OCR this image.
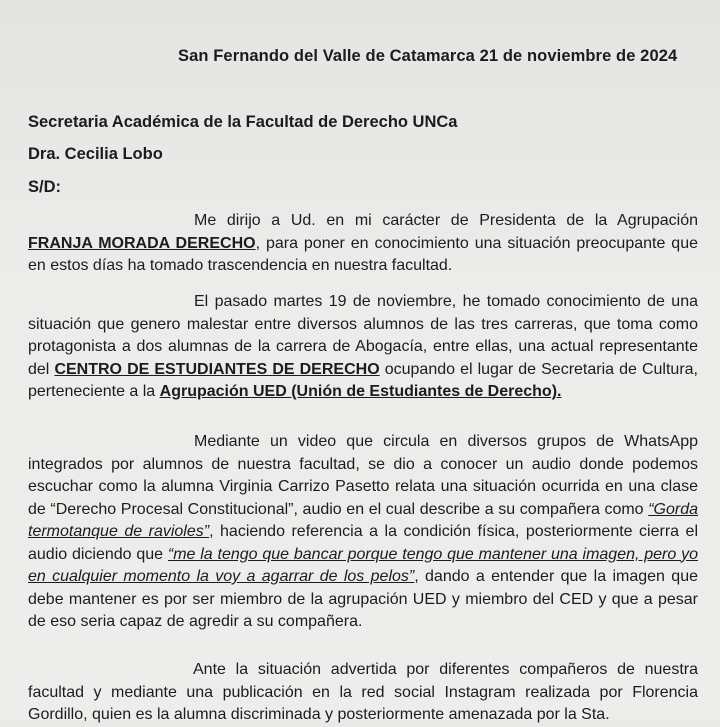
San Fernando del Valle de Catamarca 21 de noviembre de 2024
Secretaria Académica de la Facultad de Derecho UNCa
Dra. Cecilia Lobo
S/D:
Me dirijo a Ud. en mi carácter de Presidenta de la Agrupación FRANJA MORADA DERECHO, para poner en conocimiento una situación preocupante que en estos días ha tomado trascendencia en nuestra facultad.
El pasado martes 19 de noviembre, he tomado conocimiento de una situación que genero malestar entre diversos alumnos de las tres carreras, que toma como protagonista a dos alumnas de la carrera de Abogacía, entre ellas, una actual representante del CENTRO DE ESTUDIANTES DE DERECHO ocupando el lugar de Secretaria de Cultura, perteneciente a la Agrupación UED (Unión de Estudiantes de Derecho).
Mediante un video que circula en diversos grupos de WhatsApp integrados por alumnos de nuestra facultad, se dio a conocer un audio donde podemos escuchar como la alumna Virginia Carrizo Pasetto relata una situación ocurrida en una clase de “Derecho Procesal Constitucional”, audio en el cual describe a su compañera como “Gorda termotanque de ravioles”, haciendo referencia a la condición física, posteriormente cierra el audio diciendo que “me la tengo que bancar porque tengo que mantener una imagen, pero yo en cualquier momento la voy a agarrar de los pelos”, dando a entender que la imagen que debe mantener es por ser miembro de la agrupación UED y miembro del CED y que a pesar de eso seria capaz de agredir a su compañera.
Ante la situación advertida por diferentes compañeros de nuestra facultad y mediante una publicación en la red social Instagram realizada por Florencia Gordillo, quien es la alumna discriminada y posteriormente amenazada por la Sta.
